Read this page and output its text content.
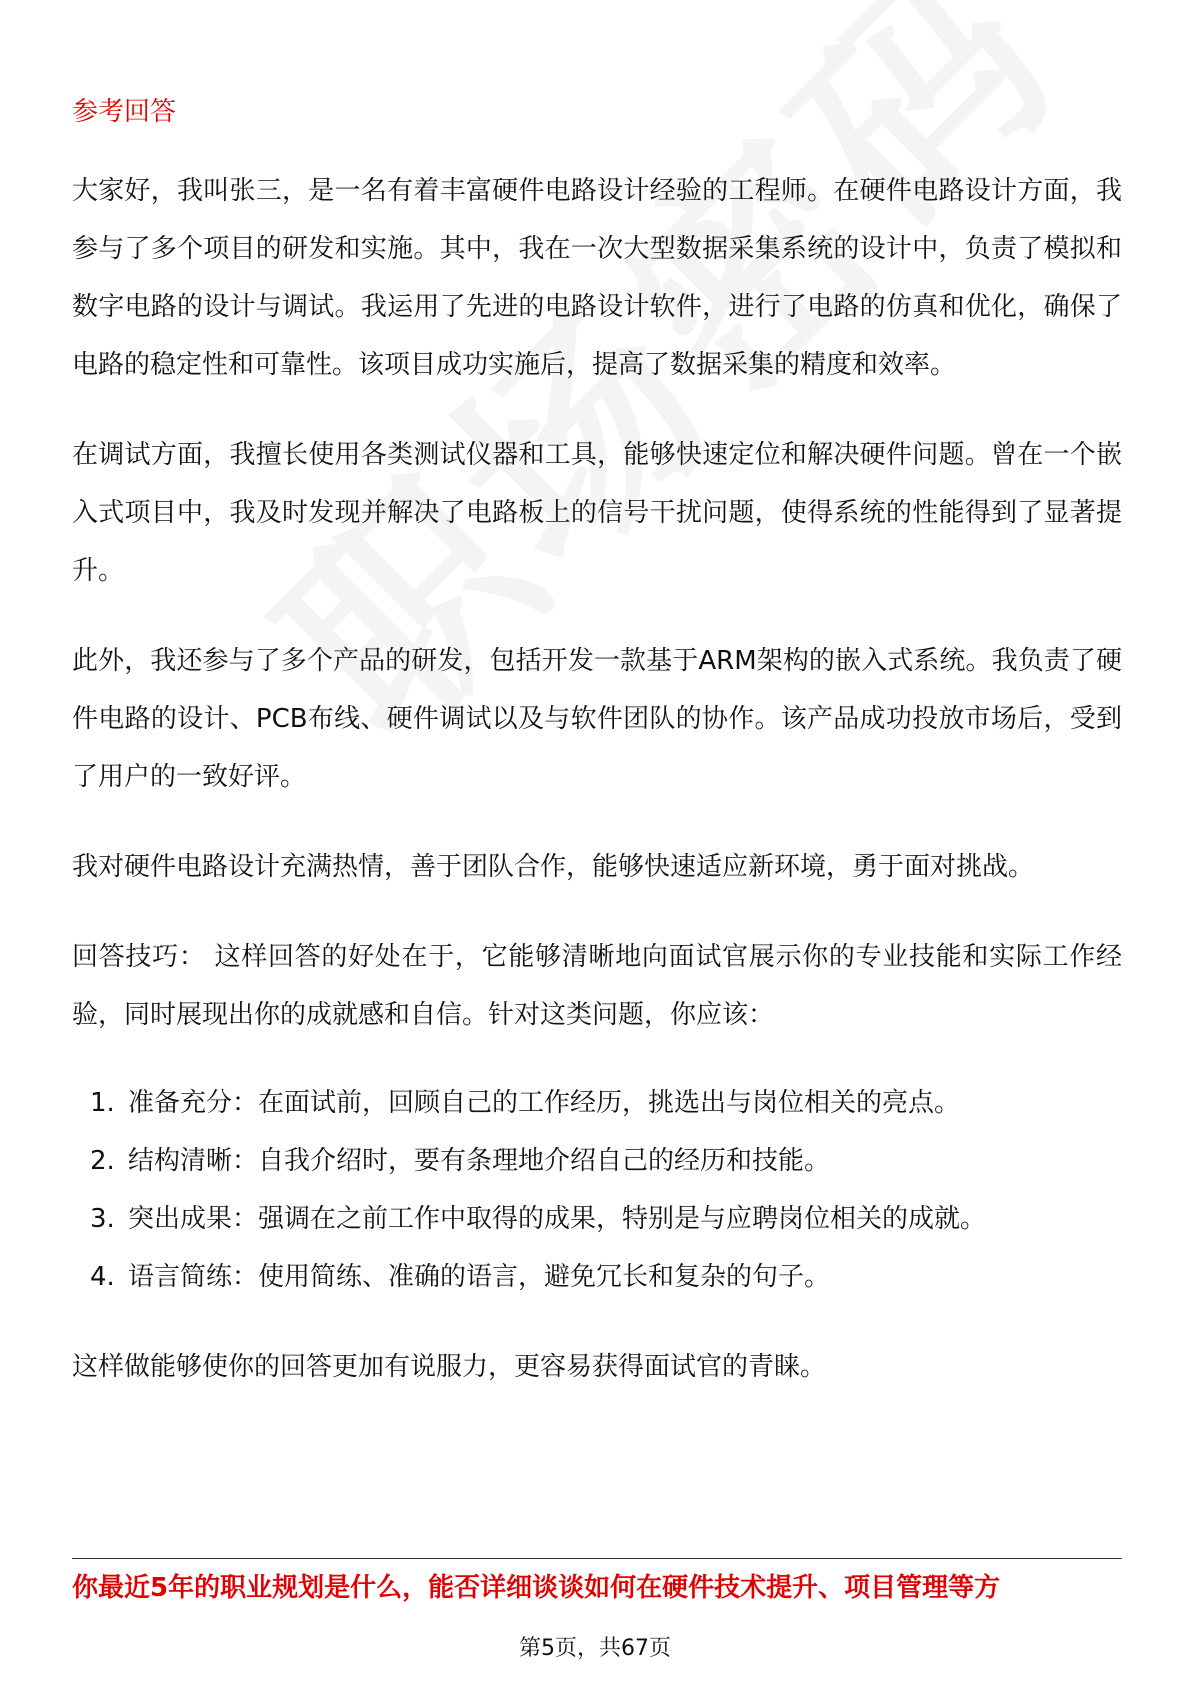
参考回答

大家好，我叫张三，是一名有着丰富硬件电路设计经验的工程师。在硬件电路设计方面，我参与了多个项目的研发和实施。其中，我在一次大型数据采集系统的设计中，负责了模拟和数字电路的设计与调试。我运用了先进的电路设计软件，进行了电路的仿真和优化，确保了电路的稳定性和可靠性。该项目成功实施后，提高了数据采集的精度和效率。

在调试方面，我擅长使用各类测试仪器和工具，能够快速定位和解决硬件问题。曾在一个嵌入式项目中，我及时发现并解决了电路板上的信号干扰问题，使得系统的性能得到了显著提升。

此外，我还参与了多个产品的研发，包括开发一款基于ARM架构的嵌入式系统。我负责了硬件电路的设计、PCB布线、硬件调试以及与软件团队的协作。该产品成功投放市场后，受到了用户的一致好评。

我对硬件电路设计充满热情，善于团队合作，能够快速适应新环境，勇于面对挑战。

回答技巧： 这样回答的好处在于，它能够清晰地向面试官展示你的专业技能和实际工作经验，同时展现出你的成就感和自信。针对这类问题，你应该：

1. 准备充分：在面试前，回顾自己的工作经历，挑选出与岗位相关的亮点。
2. 结构清晰：自我介绍时，要有条理地介绍自己的经历和技能。
3. 突出成果：强调在之前工作中取得的成果，特别是与应聘岗位相关的成就。
4. 语言简练：使用简练、准确的语言，避免冗长和复杂的句子。

这样做能够使你的回答更加有说服力，更容易获得面试官的青睐。

你最近5年的职业规划是什么，能否详细谈谈如何在硬件技术提升、项目管理等方
第5页，共67页
